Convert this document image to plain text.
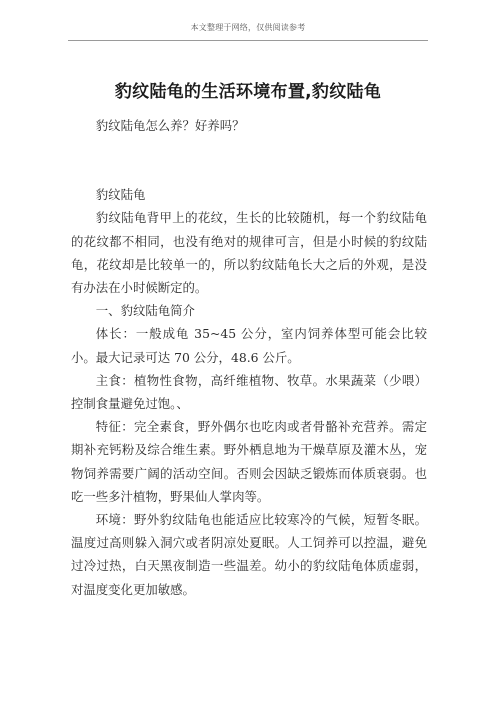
本文整理于网络，仅供阅读参考
豹纹陆龟的生活环境布置,豹纹陆龟

豹纹陆龟怎么养？好养吗？

豹纹陆龟

豹纹陆龟背甲上的花纹，生长的比较随机，每一个豹纹陆龟的花纹都不相同，也没有绝对的规律可言，但是小时候的豹纹陆龟，花纹却是比较单一的，所以豹纹陆龟长大之后的外观，是没有办法在小时候断定的。

一、豹纹陆龟简介

体长：一般成龟 35~45 公分，室内饲养体型可能会比较小。最大记录可达 70 公分，48.6 公斤。

主食：植物性食物，高纤维植物、牧草。水果蔬菜（少喂）控制食量避免过饱。、

特征：完全素食，野外偶尔也吃肉或者骨骼补充营养。需定期补充钙粉及综合维生素。野外栖息地为干燥草原及灌木丛，宠物饲养需要广阔的活动空间。否则会因缺乏锻炼而体质衰弱。也吃一些多汁植物，野果仙人掌肉等。

环境：野外豹纹陆龟也能适应比较寒冷的气候，短暂冬眠。温度过高则躲入洞穴或者阴凉处夏眠。人工饲养可以控温，避免过冷过热，白天黑夜制造一些温差。幼小的豹纹陆龟体质虚弱，对温度变化更加敏感。
